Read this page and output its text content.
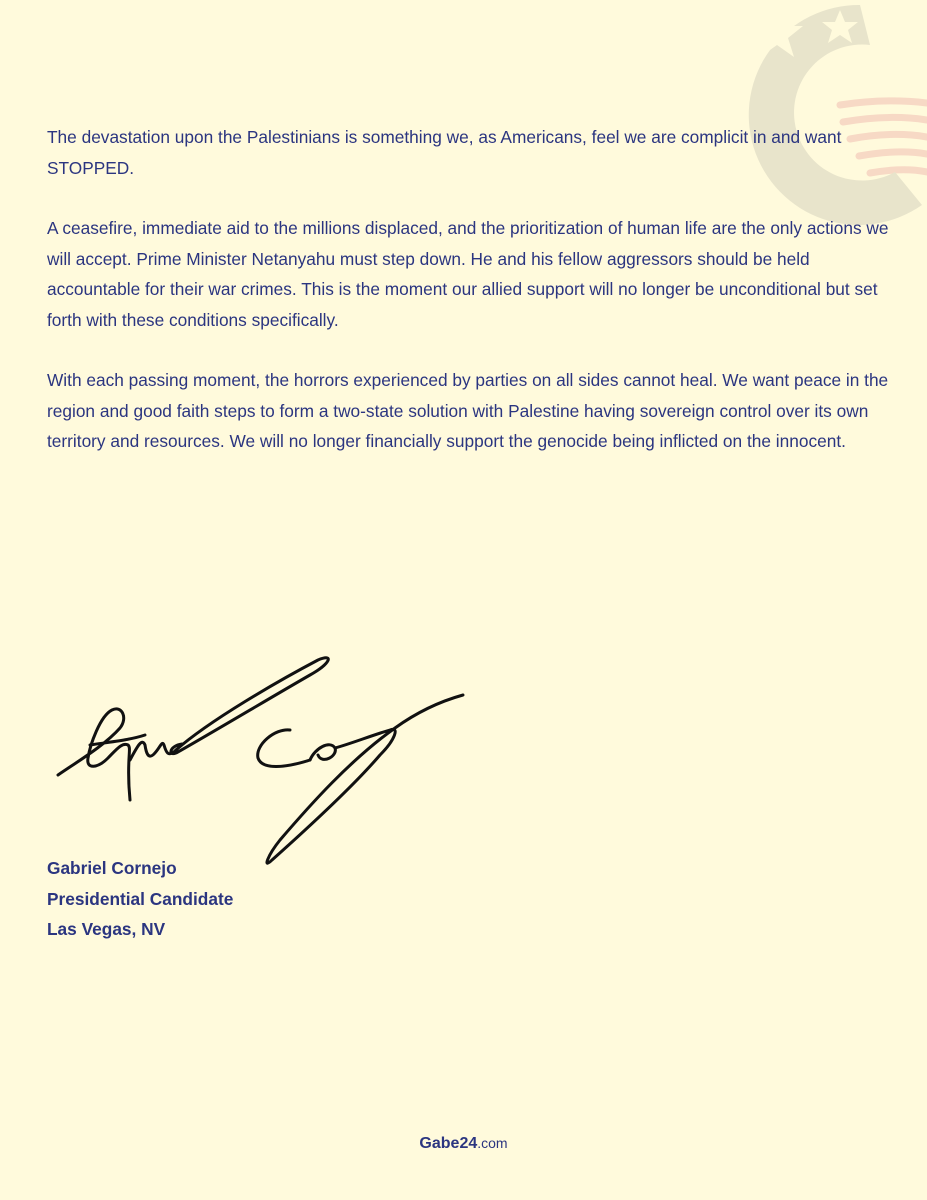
The devastation upon the Palestinians is something we, as Americans, feel we are complicit in and want STOPPED.

A ceasefire, immediate aid to the millions displaced, and the prioritization of human life are the only actions we will accept. Prime Minister Netanyahu must step down. He and his fellow aggressors should be held accountable for their war crimes. This is the moment our allied support will no longer be unconditional but set forth with these conditions specifically.

With each passing moment, the horrors experienced by parties on all sides cannot heal. We want peace in the region and good faith steps to form a two-state solution with Palestine having sovereign control over its own territory and resources. We will no longer financially support the genocide being inflicted on the innocent.

Gabriel Cornejo
Presidential Candidate
Las Vegas, NV
Gabe24.com
